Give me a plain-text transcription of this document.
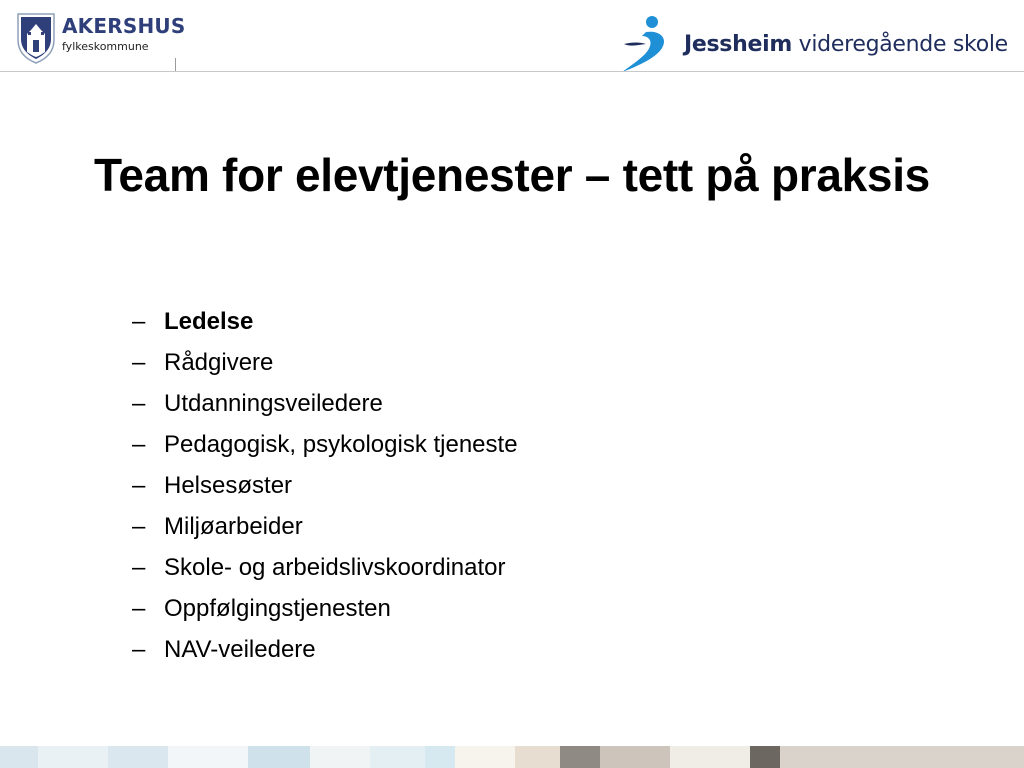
AKERSHUS
fylkeskommune	Jessheim videregående skole
Team for elevtjenester – tett på praksis
– Ledelse
– Rådgivere
– Utdanningsveiledere
– Pedagogisk, psykologisk tjeneste
– Helsesøster
– Miljøarbeider
– Skole- og arbeidslivskoordinator
– Oppfølgingstjenesten
– NAV-veiledere
